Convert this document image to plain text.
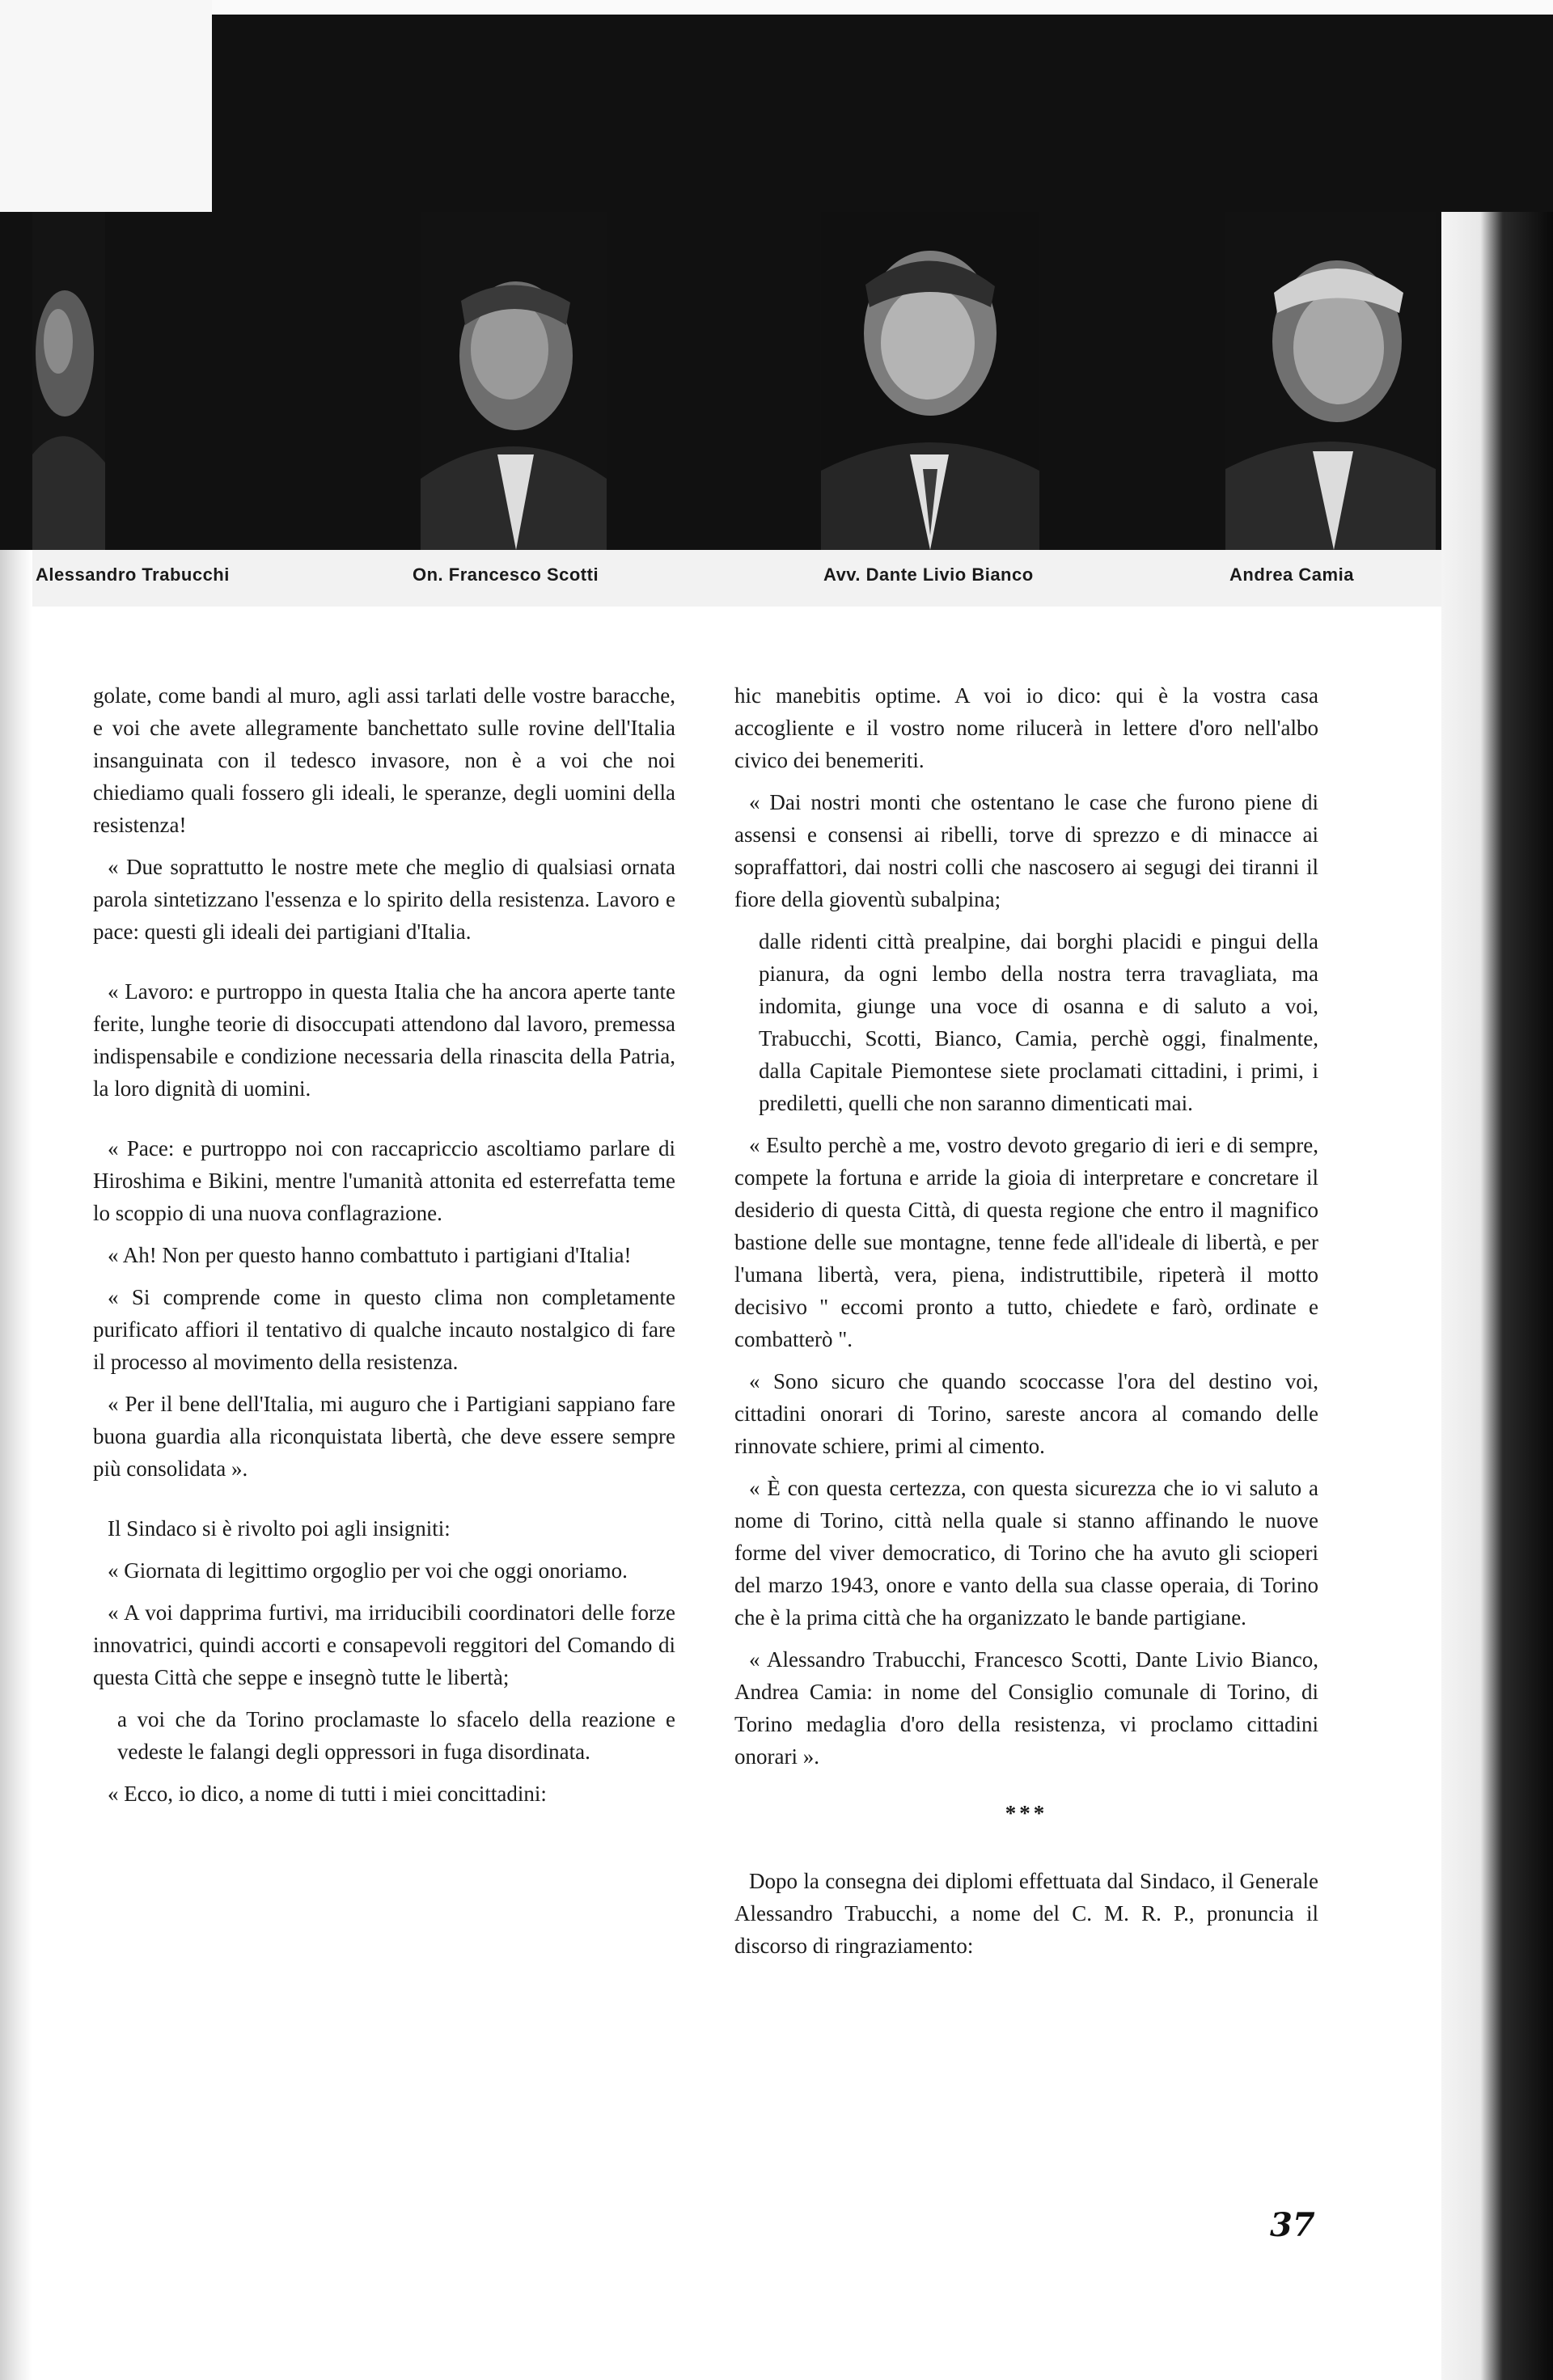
Alessandro Trabucchi	On. Francesco Scotti	Avv. Dante Livio Bianco	Andrea Camia

golate, come bandi al muro, agli assi tarlati delle vostre baracche, e voi che avete allegramente banchettato sulle rovine dell'Italia insanguinata con il tedesco invasore, non è a voi che noi chiediamo quali fossero gli ideali, le speranze, degli uomini della resistenza!

« Due soprattutto le nostre mete che meglio di qualsiasi ornata parola sintetizzano l'essenza e lo spirito della resistenza. Lavoro e pace: questi gli ideali dei partigiani d'Italia.

« Lavoro: e purtroppo in questa Italia che ha ancora aperte tante ferite, lunghe teorie di disoccupati attendono dal lavoro, premessa indispensabile e condizione necessaria della rinascita della Patria, la loro dignità di uomini.

« Pace: e purtroppo noi con raccapriccio ascoltiamo parlare di Hiroshima e Bikini, mentre l'umanità attonita ed esterrefatta teme lo scoppio di una nuova conflagrazione.

« Ah! Non per questo hanno combattuto i partigiani d'Italia!

« Si comprende come in questo clima non completamente purificato affiori il tentativo di qualche incauto nostalgico di fare il processo al movimento della resistenza.

« Per il bene dell'Italia, mi auguro che i Partigiani sappiano fare buona guardia alla riconquistata libertà, che deve essere sempre più consolidata ».

Il Sindaco si è rivolto poi agli insigniti:

« Giornata di legittimo orgoglio per voi che oggi onoriamo.

« A voi dapprima furtivi, ma irriducibili coordinatori delle forze innovatrici, quindi accorti e consapevoli reggitori del Comando di questa Città che seppe e insegnò tutte le libertà;

a voi che da Torino proclamaste lo sfacelo della reazione e vedeste le falangi degli oppressori in fuga disordinata.

« Ecco, io dico, a nome di tutti i miei concittadini:

hic manebitis optime. A voi io dico: qui è la vostra casa accogliente e il vostro nome rilucerà in lettere d'oro nell'albo civico dei benemeriti.

« Dai nostri monti che ostentano le case che furono piene di assensi e consensi ai ribelli, torve di sprezzo e di minacce ai sopraffattori, dai nostri colli che nascosero ai segugi dei tiranni il fiore della gioventù subalpina;

dalle ridenti città prealpine, dai borghi placidi e pingui della pianura, da ogni lembo della nostra terra travagliata, ma indomita, giunge una voce di osanna e di saluto a voi, Trabucchi, Scotti, Bianco, Camia, perchè oggi, finalmente, dalla Capitale Piemontese siete proclamati cittadini, i primi, i prediletti, quelli che non saranno dimenticati mai.

« Esulto perchè a me, vostro devoto gregario di ieri e di sempre, compete la fortuna e arride la gioia di interpretare e concretare il desiderio di questa Città, di questa regione che entro il magnifico bastione delle sue montagne, tenne fede all'ideale di libertà, e per l'umana libertà, vera, piena, indistruttibile, ripeterà il motto decisivo " eccomi pronto a tutto, chiedete e farò, ordinate e combatterò ".

« Sono sicuro che quando scoccasse l'ora del destino voi, cittadini onorari di Torino, sareste ancora al comando delle rinnovate schiere, primi al cimento.

« È con questa certezza, con questa sicurezza che io vi saluto a nome di Torino, città nella quale si stanno affinando le nuove forme del viver democratico, di Torino che ha avuto gli scioperi del marzo 1943, onore e vanto della sua classe operaia, di Torino che è la prima città che ha organizzato le bande partigiane.

« Alessandro Trabucchi, Francesco Scotti, Dante Livio Bianco, Andrea Camia: in nome del Consiglio comunale di Torino, di Torino medaglia d'oro della resistenza, vi proclamo cittadini onorari ».

***

Dopo la consegna dei diplomi effettuata dal Sindaco, il Generale Alessandro Trabucchi, a nome del C. M. R. P., pronuncia il discorso di ringraziamento:

37
